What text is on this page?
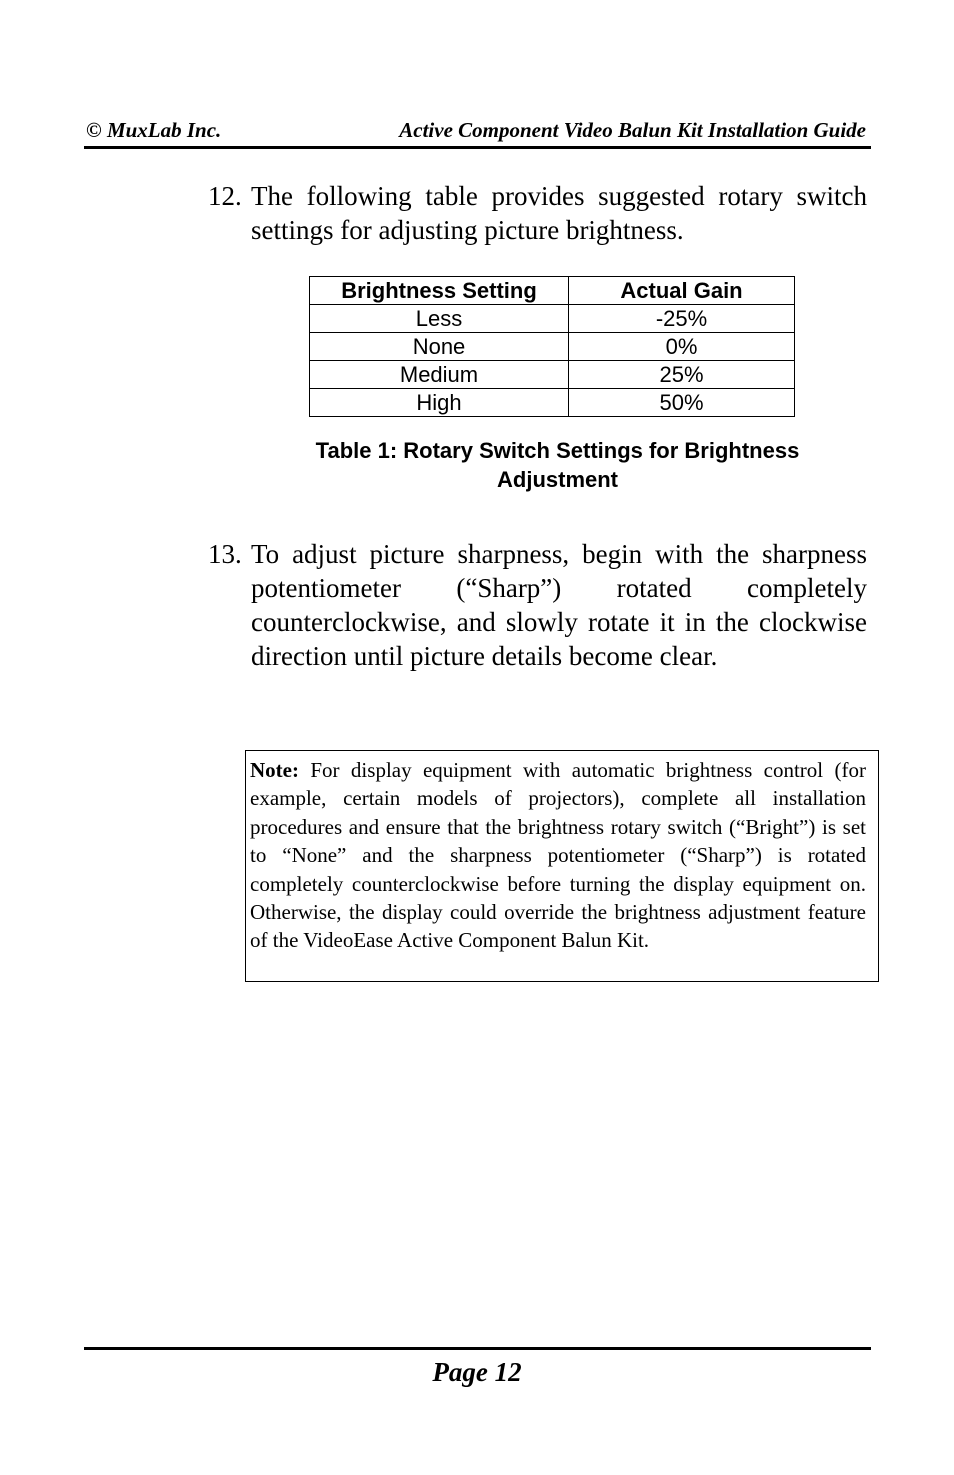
© MuxLab Inc.	Active Component Video Balun Kit Installation Guide
12. The following table provides suggested rotary switch settings for adjusting picture brightness.
Brightness Setting	Actual Gain
Less	-25%
None	0%
Medium	25%
High	50%
Table 1: Rotary Switch Settings for Brightness Adjustment
13. To adjust picture sharpness, begin with the sharpness potentiometer (“Sharp”) rotated completely counterclockwise, and slowly rotate it in the clockwise direction until picture details become clear.
Note: For display equipment with automatic brightness control (for example, certain models of projectors), complete all installation procedures and ensure that the brightness rotary switch (“Bright”) is set to “None” and the sharpness potentiometer (“Sharp”) is rotated completely counterclockwise before turning the display equipment on. Otherwise, the display could override the brightness adjustment feature of the VideoEase Active Component Balun Kit.
Page 12
